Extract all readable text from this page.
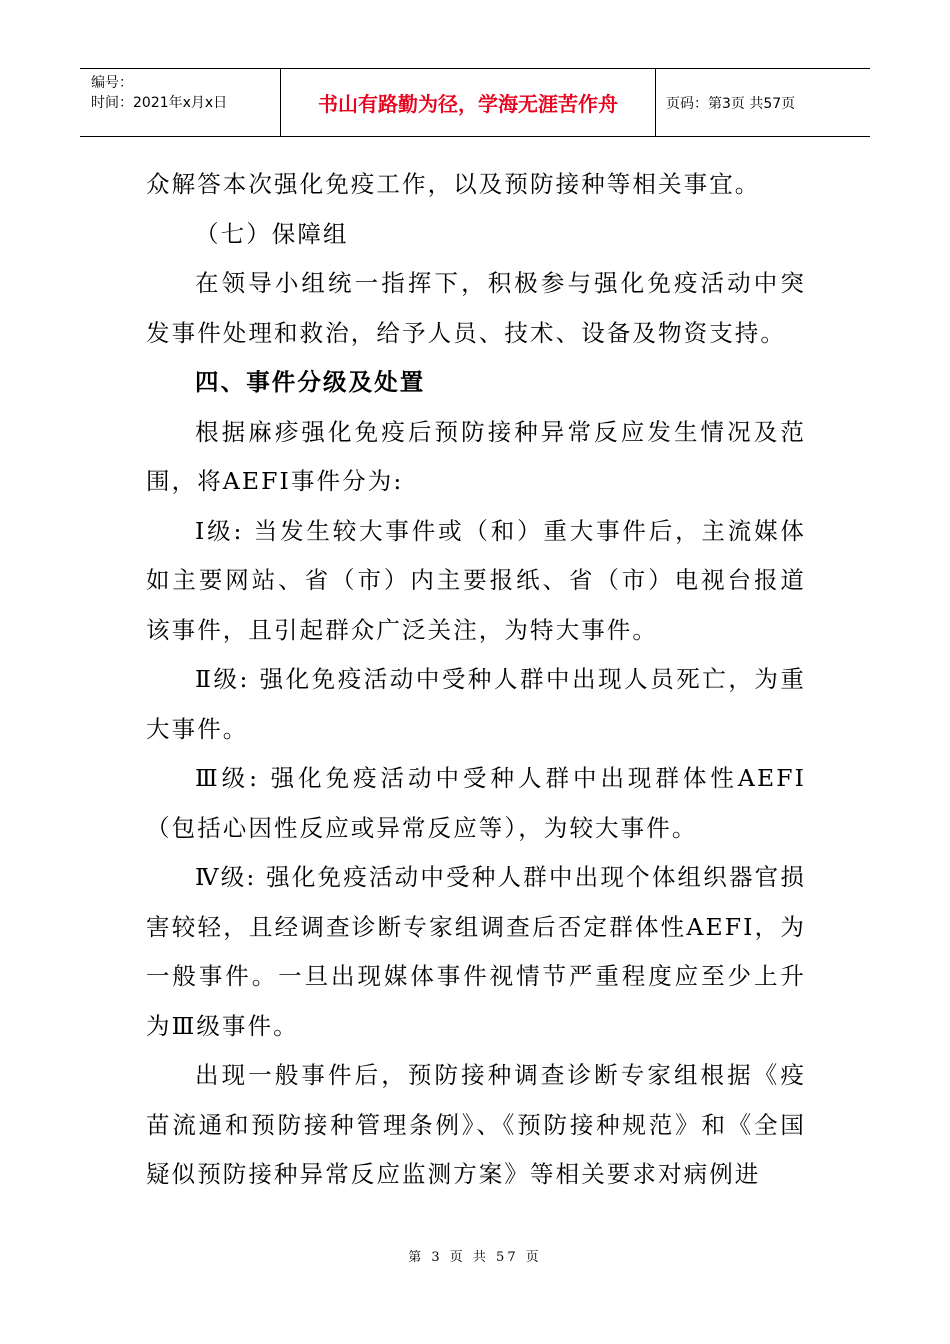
编号：
时间：2021年x月x日	书山有路勤为径，学海无涯苦作舟	页码：第3页 共57页

众解答本次强化免疫工作，以及预防接种等相关事宜。

（七）保障组

在领导小组统一指挥下，积极参与强化免疫活动中突发事件处理和救治，给予人员、技术、设备及物资支持。

四、事件分级及处置

根据麻疹强化免疫后预防接种异常反应发生情况及范围，将AEFI事件分为:

Ⅰ级: 当发生较大事件或（和）重大事件后，主流媒体如主要网站、省（市）内主要报纸、省（市）电视台报道该事件，且引起群众广泛关注，为特大事件。

Ⅱ级: 强化免疫活动中受种人群中出现人员死亡，为重大事件。

Ⅲ级: 强化免疫活动中受种人群中出现群体性AEFI（包括心因性反应或异常反应等），为较大事件。

Ⅳ级: 强化免疫活动中受种人群中出现个体组织器官损害较轻，且经调查诊断专家组调查后否定群体性AEFI，为一般事件。一旦出现媒体事件视情节严重程度应至少上升为Ⅲ级事件。

出现一般事件后，预防接种调查诊断专家组根据《疫苗流通和预防接种管理条例》、《预防接种规范》和《全国疑似预防接种异常反应监测方案》等相关要求对病例进

第 3 页 共 57 页
